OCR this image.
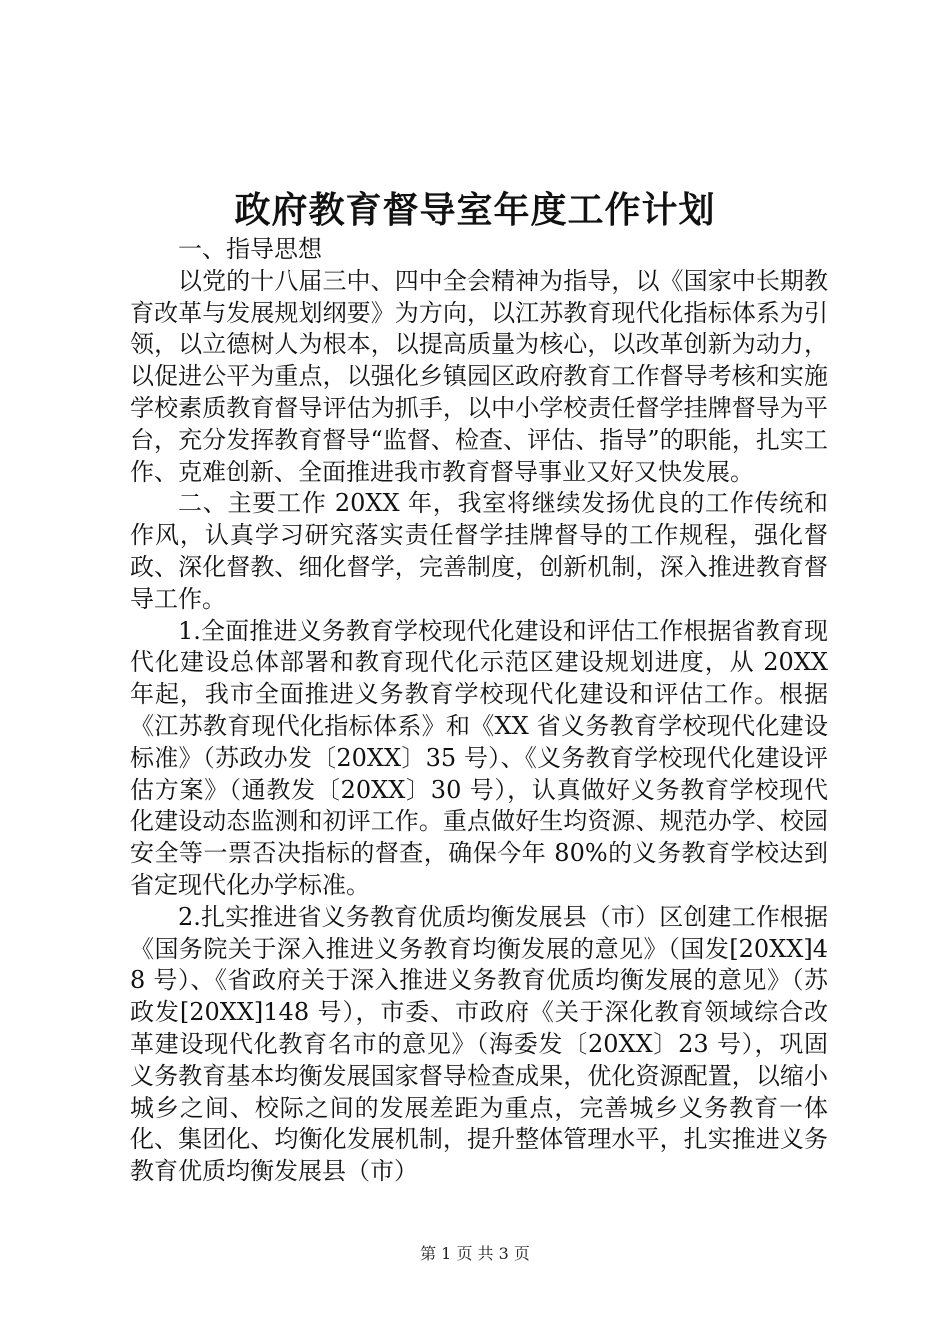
政府教育督导室年度工作计划

一、指导思想

以党的十八届三中、四中全会精神为指导，以《国家中长期教育改革与发展规划纲要》为方向，以江苏教育现代化指标体系为引领，以立德树人为根本，以提高质量为核心，以改革创新为动力，以促进公平为重点，以强化乡镇园区政府教育工作督导考核和实施学校素质教育督导评估为抓手，以中小学校责任督学挂牌督导为平台，充分发挥教育督导“监督、检查、评估、指导”的职能，扎实工作、克难创新、全面推进我市教育督导事业又好又快发展。

二、主要工作 20XX 年，我室将继续发扬优良的工作传统和作风，认真学习研究落实责任督学挂牌督导的工作规程，强化督政、深化督教、细化督学，完善制度，创新机制，深入推进教育督导工作。

1.全面推进义务教育学校现代化建设和评估工作根据省教育现代化建设总体部署和教育现代化示范区建设规划进度，从 20XX 年起，我市全面推进义务教育学校现代化建设和评估工作。根据《江苏教育现代化指标体系》和《XX 省义务教育学校现代化建设标准》（苏政办发〔20XX〕35 号）、《义务教育学校现代化建设评估方案》（通教发〔20XX〕30 号），认真做好义务教育学校现代化建设动态监测和初评工作。重点做好生均资源、规范办学、校园安全等一票否决指标的督查，确保今年 80%的义务教育学校达到省定现代化办学标准。

2.扎实推进省义务教育优质均衡发展县（市）区创建工作根据《国务院关于深入推进义务教育均衡发展的意见》（国发[20XX]48 号）、《省政府关于深入推进义务教育优质均衡发展的意见》（苏政发[20XX]148 号），市委、市政府《关于深化教育领域综合改革建设现代化教育名市的意见》（海委发〔20XX〕23 号），巩固义务教育基本均衡发展国家督导检查成果，优化资源配置，以缩小城乡之间、校际之间的发展差距为重点，完善城乡义务教育一体化、集团化、均衡化发展机制，提升整体管理水平，扎实推进义务教育优质均衡发展县（市）

第 1 页 共 3 页
